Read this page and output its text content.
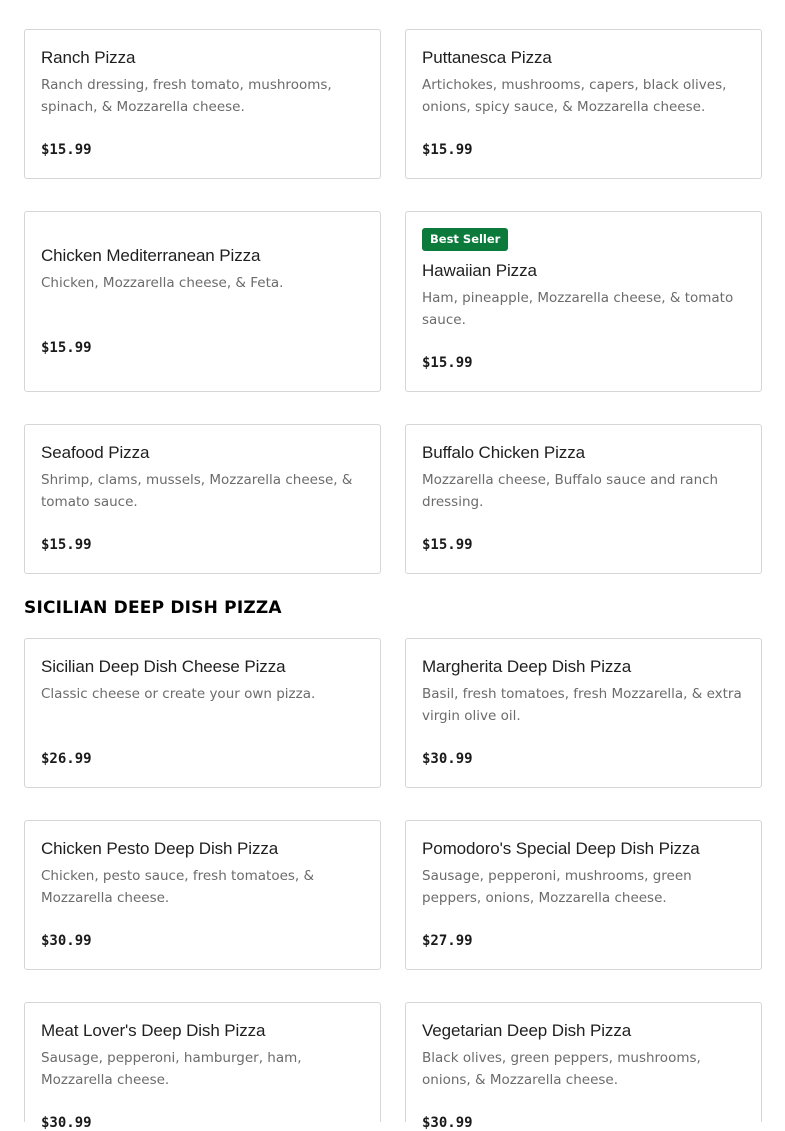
Ranch Pizza
Ranch dressing, fresh tomato, mushrooms, spinach, & Mozzarella cheese.
$15.99
Puttanesca Pizza
Artichokes, mushrooms, capers, black olives, onions, spicy sauce, & Mozzarella cheese.
$15.99
Chicken Mediterranean Pizza
Chicken, Mozzarella cheese, & Feta.
$15.99
Best Seller
Hawaiian Pizza
Ham, pineapple, Mozzarella cheese, & tomato sauce.
$15.99
Seafood Pizza
Shrimp, clams, mussels, Mozzarella cheese, & tomato sauce.
$15.99
Buffalo Chicken Pizza
Mozzarella cheese, Buffalo sauce and ranch dressing.
$15.99
SICILIAN DEEP DISH PIZZA
Sicilian Deep Dish Cheese Pizza
Classic cheese or create your own pizza.
$26.99
Margherita Deep Dish Pizza
Basil, fresh tomatoes, fresh Mozzarella, & extra virgin olive oil.
$30.99
Chicken Pesto Deep Dish Pizza
Chicken, pesto sauce, fresh tomatoes, & Mozzarella cheese.
$30.99
Pomodoro's Special Deep Dish Pizza
Sausage, pepperoni, mushrooms, green peppers, onions, Mozzarella cheese.
$27.99
Meat Lover's Deep Dish Pizza
Sausage, pepperoni, hamburger, ham, Mozzarella cheese.
$30.99
Vegetarian Deep Dish Pizza
Black olives, green peppers, mushrooms, onions, & Mozzarella cheese.
$30.99
